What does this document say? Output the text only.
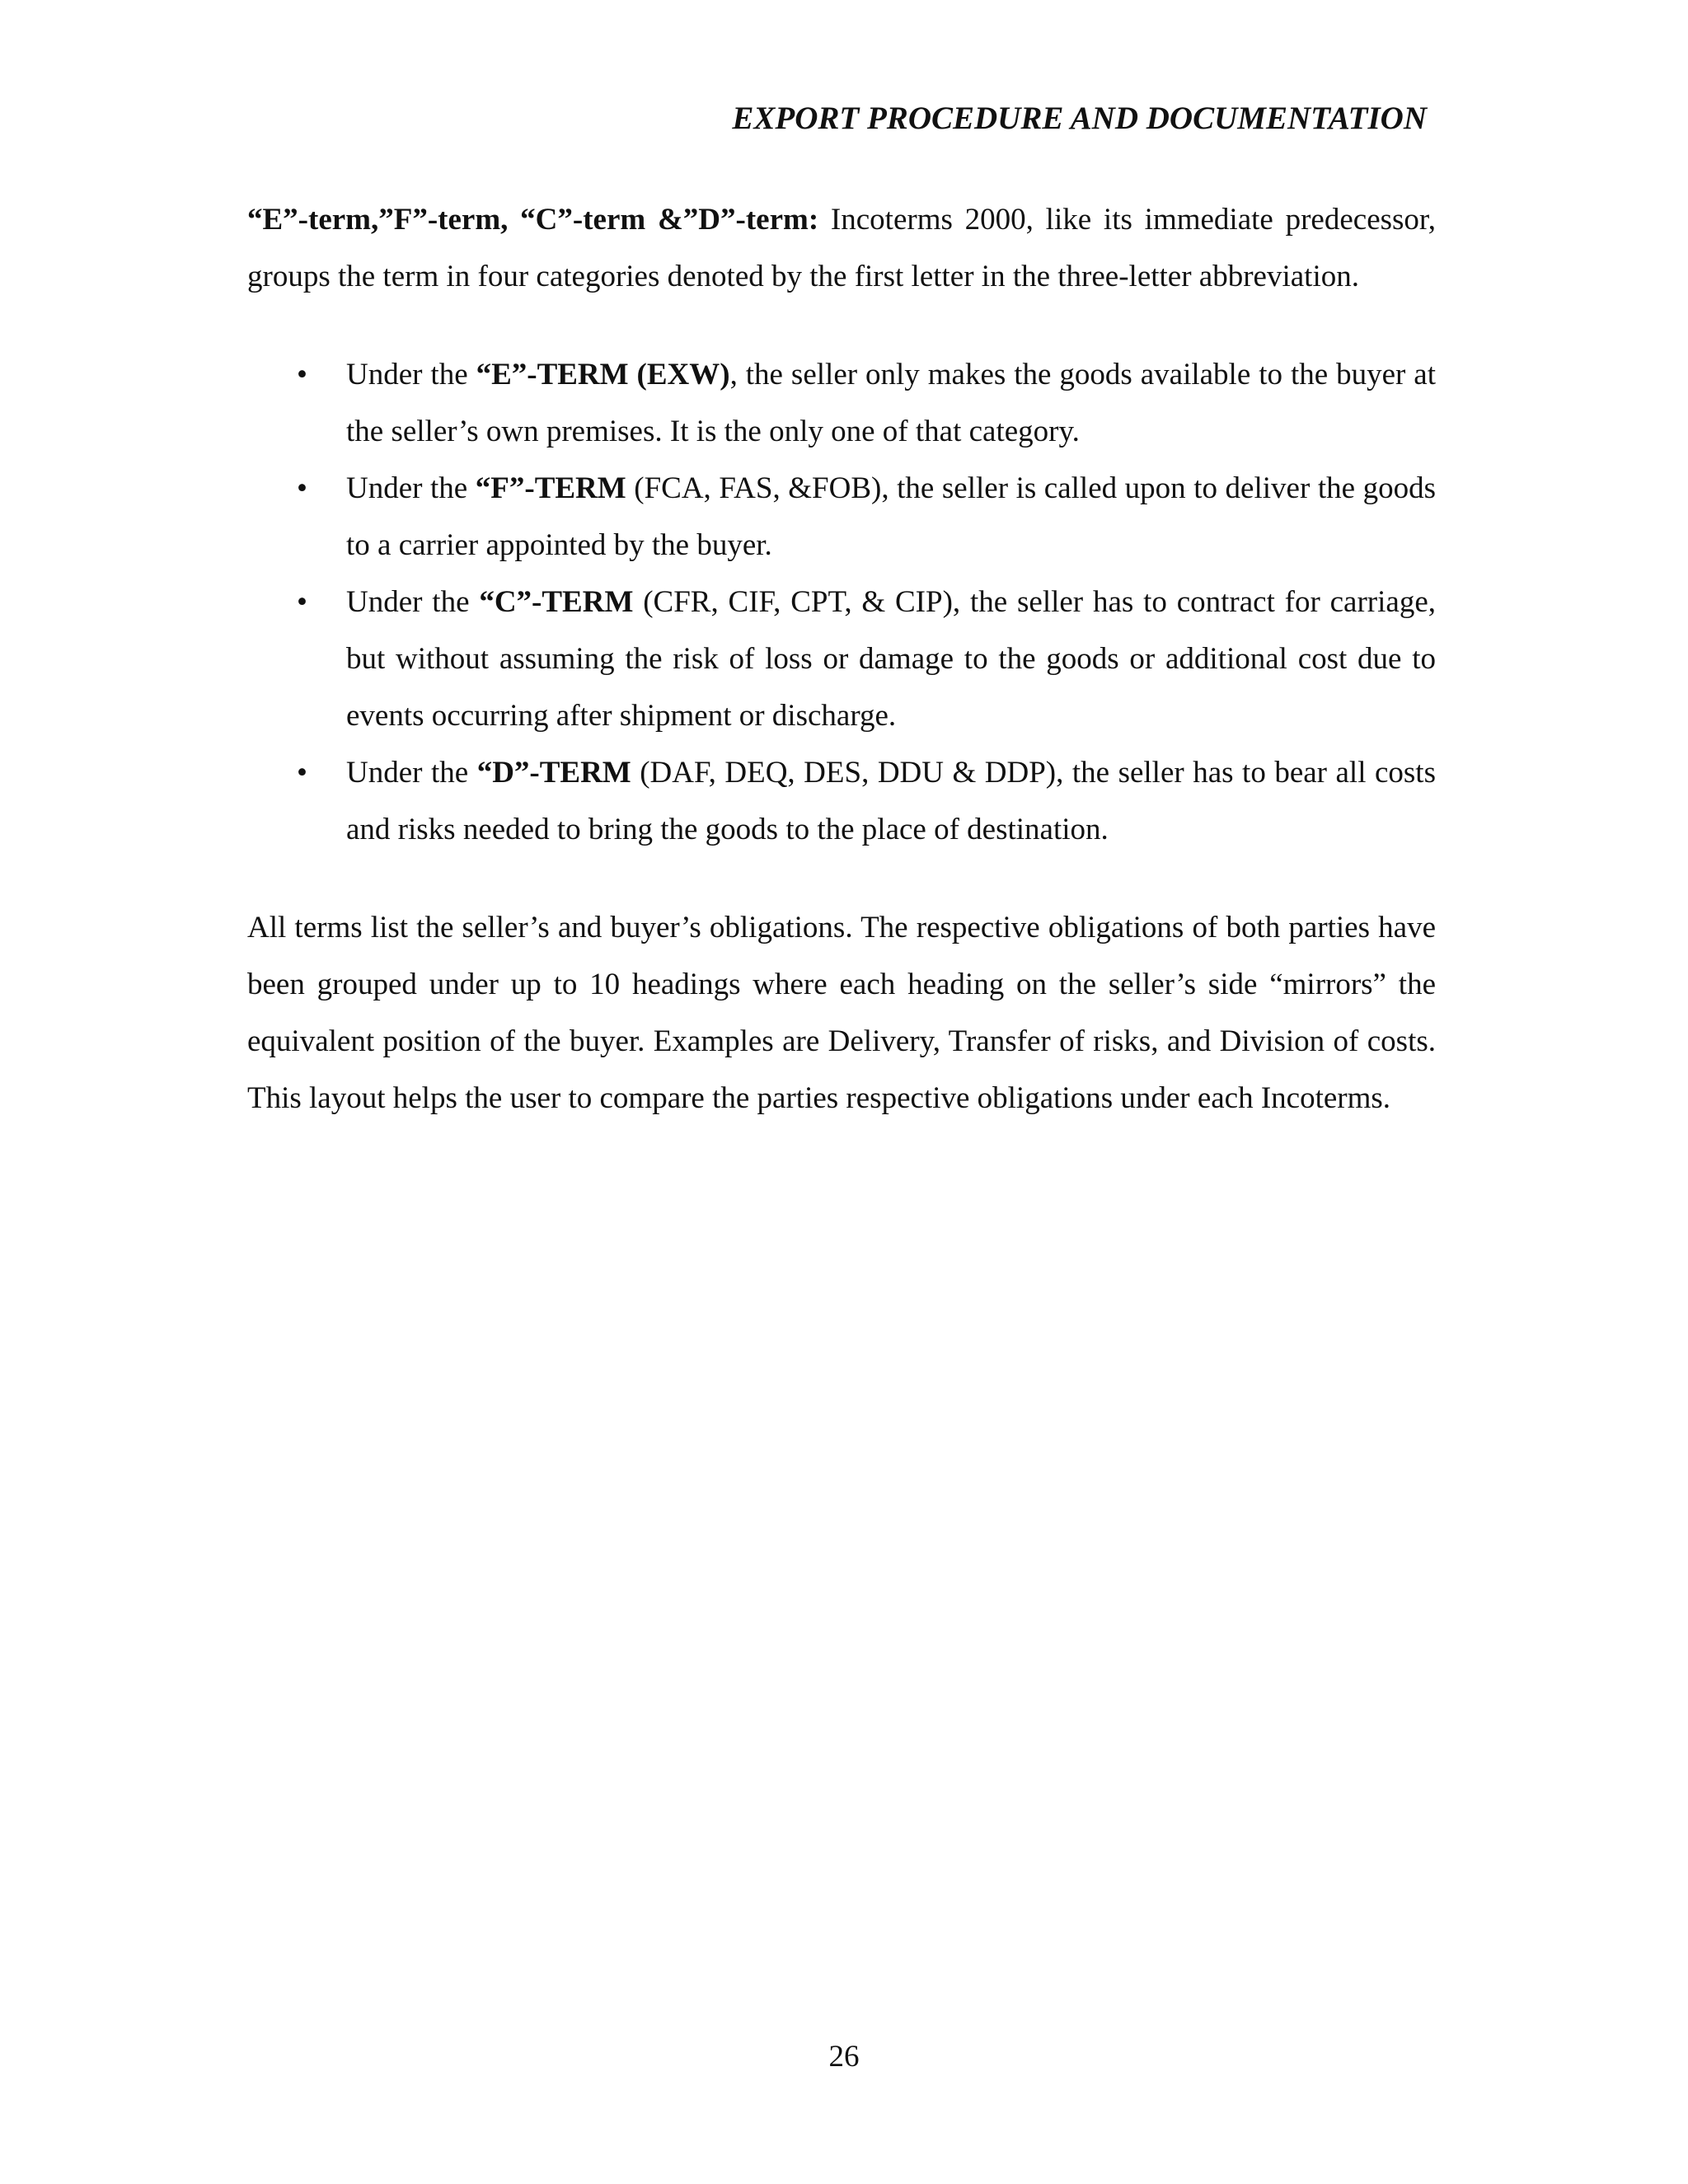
EXPORT PROCEDURE AND DOCUMENTATION

“E”-term,”F”-term, “C”-term &”D”-term: Incoterms 2000, like its immediate predecessor, groups the term in four categories denoted by the first letter in the three-letter abbreviation.

• Under the “E”-TERM (EXW), the seller only makes the goods available to the buyer at the seller’s own premises. It is the only one of that category.
• Under the “F”-TERM (FCA, FAS, &FOB), the seller is called upon to deliver the goods to a carrier appointed by the buyer.
• Under the “C”-TERM (CFR, CIF, CPT, & CIP), the seller has to contract for carriage, but without assuming the risk of loss or damage to the goods or additional cost due to events occurring after shipment or discharge.
• Under the “D”-TERM (DAF, DEQ, DES, DDU & DDP), the seller has to bear all costs and risks needed to bring the goods to the place of destination.

All terms list the seller’s and buyer’s obligations. The respective obligations of both parties have been grouped under up to 10 headings where each heading on the seller’s side “mirrors” the equivalent position of the buyer. Examples are Delivery, Transfer of risks, and Division of costs. This layout helps the user to compare the parties respective obligations under each Incoterms.

26
